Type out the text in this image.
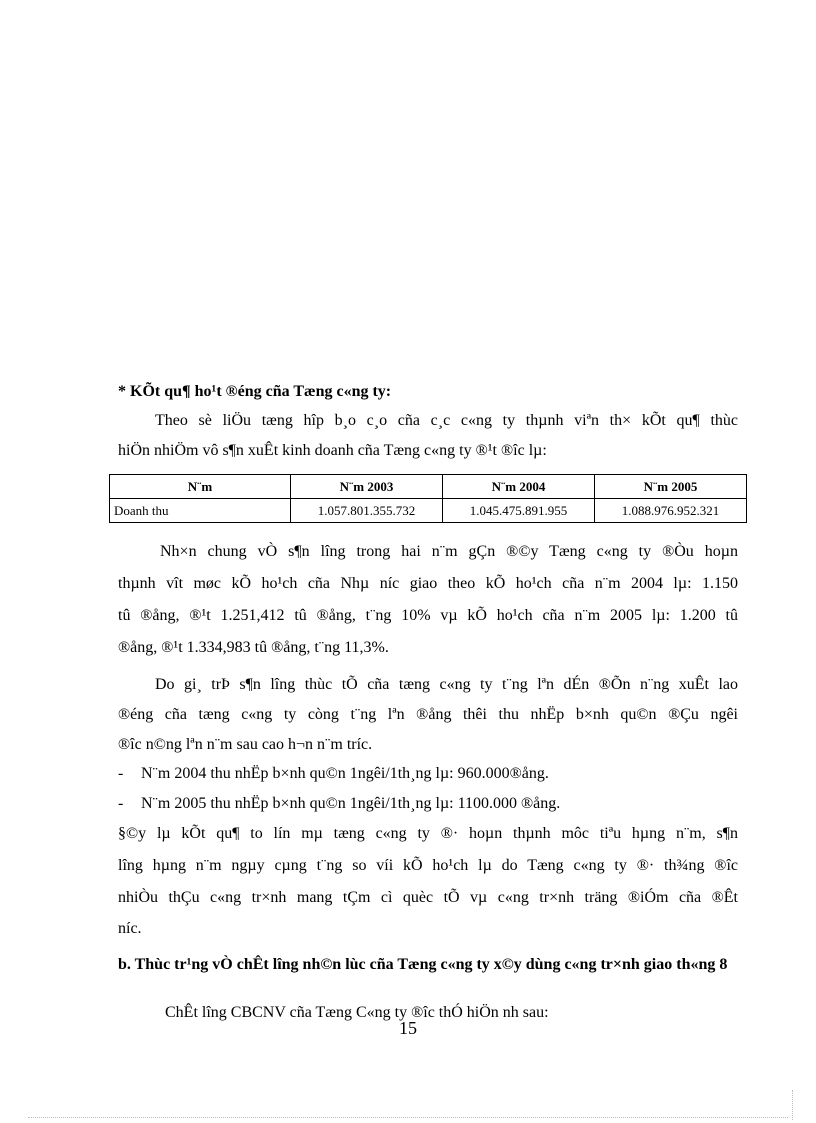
* KÕt qu¶ ho¹t ®éng cña Tæng c«ng ty:
Theo sè liÖu tæng hîp b¸o c¸o cña c¸c c«ng ty thµnh viªn th× kÕt qu¶ thùc
hiÖn nhiÖm vô s¶n xuÊt kinh doanh cña Tæng c«ng ty ®¹t ®îc lµ:
N¨m	N¨m 2003	N¨m 2004	N¨m 2005
Doanh thu	1.057.801.355.732	1.045.475.891.955	1.088.976.952.321
Nh×n chung vÒ s¶n lîng trong hai n¨m gÇn ®©y Tæng c«ng ty ®Òu hoµn
thµnh vît møc kÕ ho¹ch cña Nhµ níc giao theo kÕ ho¹ch cña n¨m 2004 lµ: 1.150
tû ®ång, ®¹t 1.251,412 tû ®ång, t¨ng 10% vµ kÕ ho¹ch cña n¨m 2005 lµ: 1.200 tû
®ång, ®¹t 1.334,983 tû ®ång, t¨ng 11,3%.
Do gi¸ trÞ s¶n lîng thùc tÕ cña tæng c«ng ty t¨ng lªn dÉn ®Õn n¨ng xuÊt lao
®éng cña tæng c«ng ty còng t¨ng lªn ®ång thêi thu nhËp b×nh qu©n ®Çu ngêi
®îc n©ng lªn n¨m sau cao h¬n n¨m tríc.
- N¨m 2004 thu nhËp b×nh qu©n 1ngêi/1th¸ng lµ: 960.000®ång.
- N¨m 2005 thu nhËp b×nh qu©n 1ngêi/1th¸ng lµ: 1100.000 ®ång.
§©y lµ kÕt qu¶ to lín mµ tæng c«ng ty ®· hoµn thµnh môc tiªu hµng n¨m, s¶n
lîng hµng n¨m ngµy cµng t¨ng so víi kÕ ho¹ch lµ do Tæng c«ng ty ®· th¾ng ®îc
nhiÒu thÇu c«ng tr×nh mang tÇm cì quèc tÕ vµ c«ng tr×nh träng ®iÓm cña ®Êt
níc.
b. Thùc tr¹ng vÒ chÊt lîng nh©n lùc cña Tæng c«ng ty x©y dùng c«ng tr×nh giao th«ng 8
ChÊt lîng CBCNV cña Tæng C«ng ty ®îc thÓ hiÖn nh sau:
15
